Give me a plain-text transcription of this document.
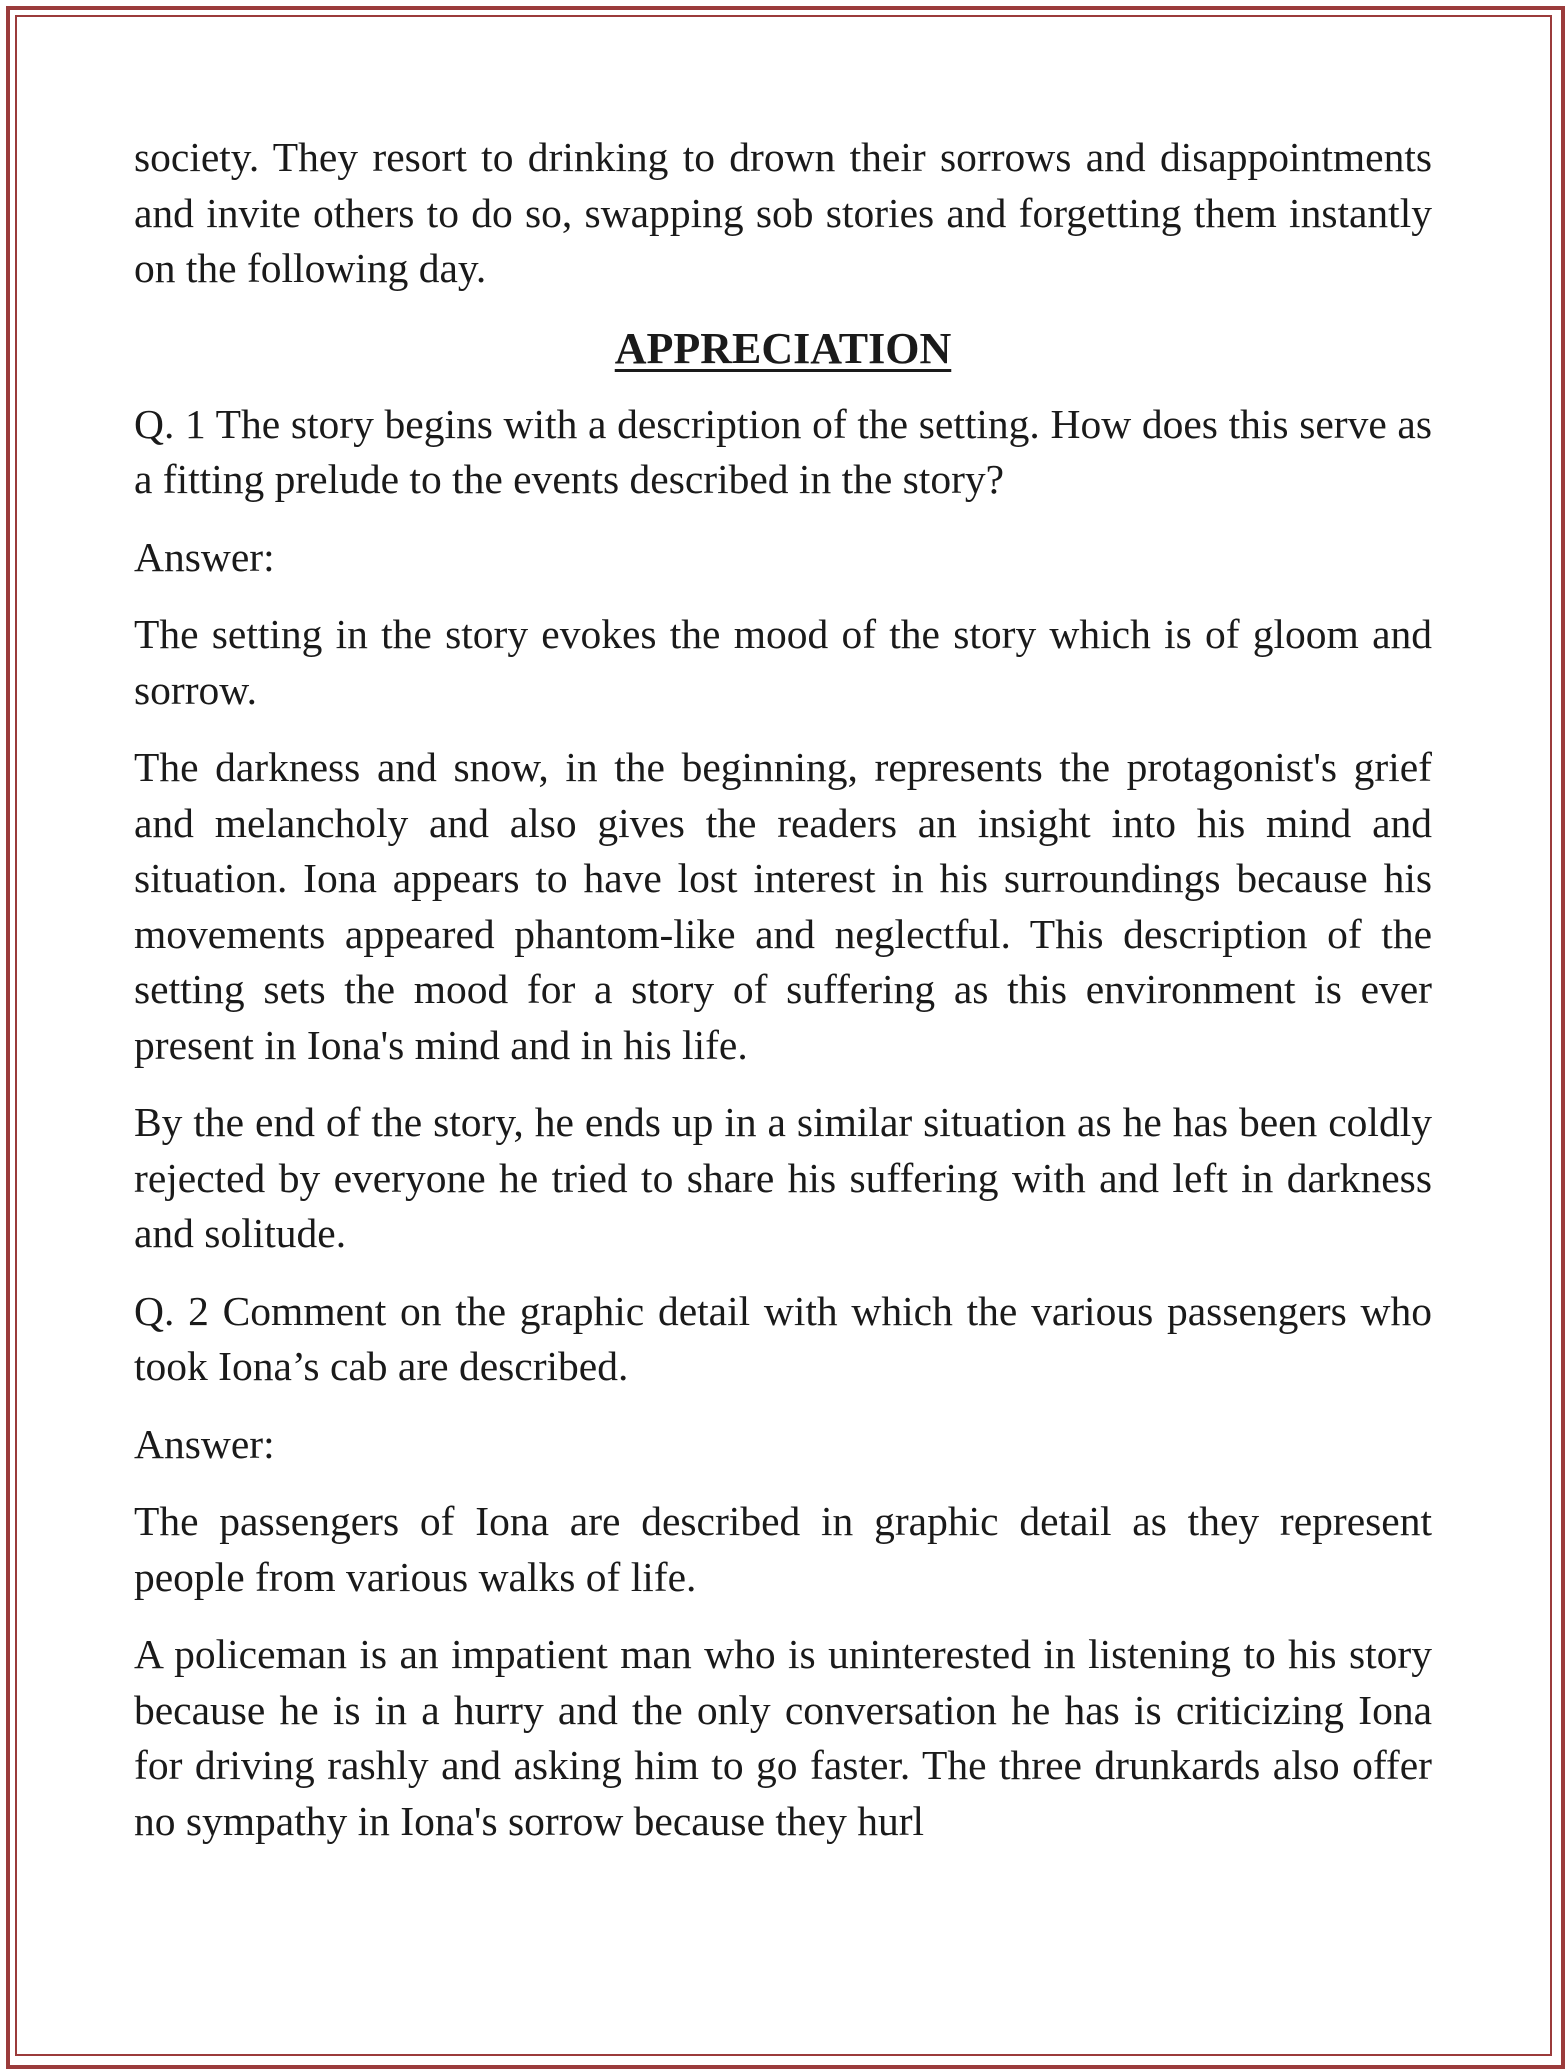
society. They resort to drinking to drown their sorrows and disappointments and invite others to do so, swapping sob stories and forgetting them instantly on the following day.

APPRECIATION

Q. 1 The story begins with a description of the setting. How does this serve as a fitting prelude to the events described in the story?

Answer:

The setting in the story evokes the mood of the story which is of gloom and sorrow.

The darkness and snow, in the beginning, represents the protagonist's grief and melancholy and also gives the readers an insight into his mind and situation. Iona appears to have lost interest in his surroundings because his movements appeared phantom-like and neglectful. This description of the setting sets the mood for a story of suffering as this environment is ever present in Iona's mind and in his life.

By the end of the story, he ends up in a similar situation as he has been coldly rejected by everyone he tried to share his suffering with and left in darkness and solitude.

Q. 2 Comment on the graphic detail with which the various passengers who took Iona’s cab are described.

Answer:

The passengers of Iona are described in graphic detail as they represent people from various walks of life.

A policeman is an impatient man who is uninterested in listening to his story because he is in a hurry and the only conversation he has is criticizing Iona for driving rashly and asking him to go faster. The three drunkards also offer no sympathy in Iona's sorrow because they hurl
